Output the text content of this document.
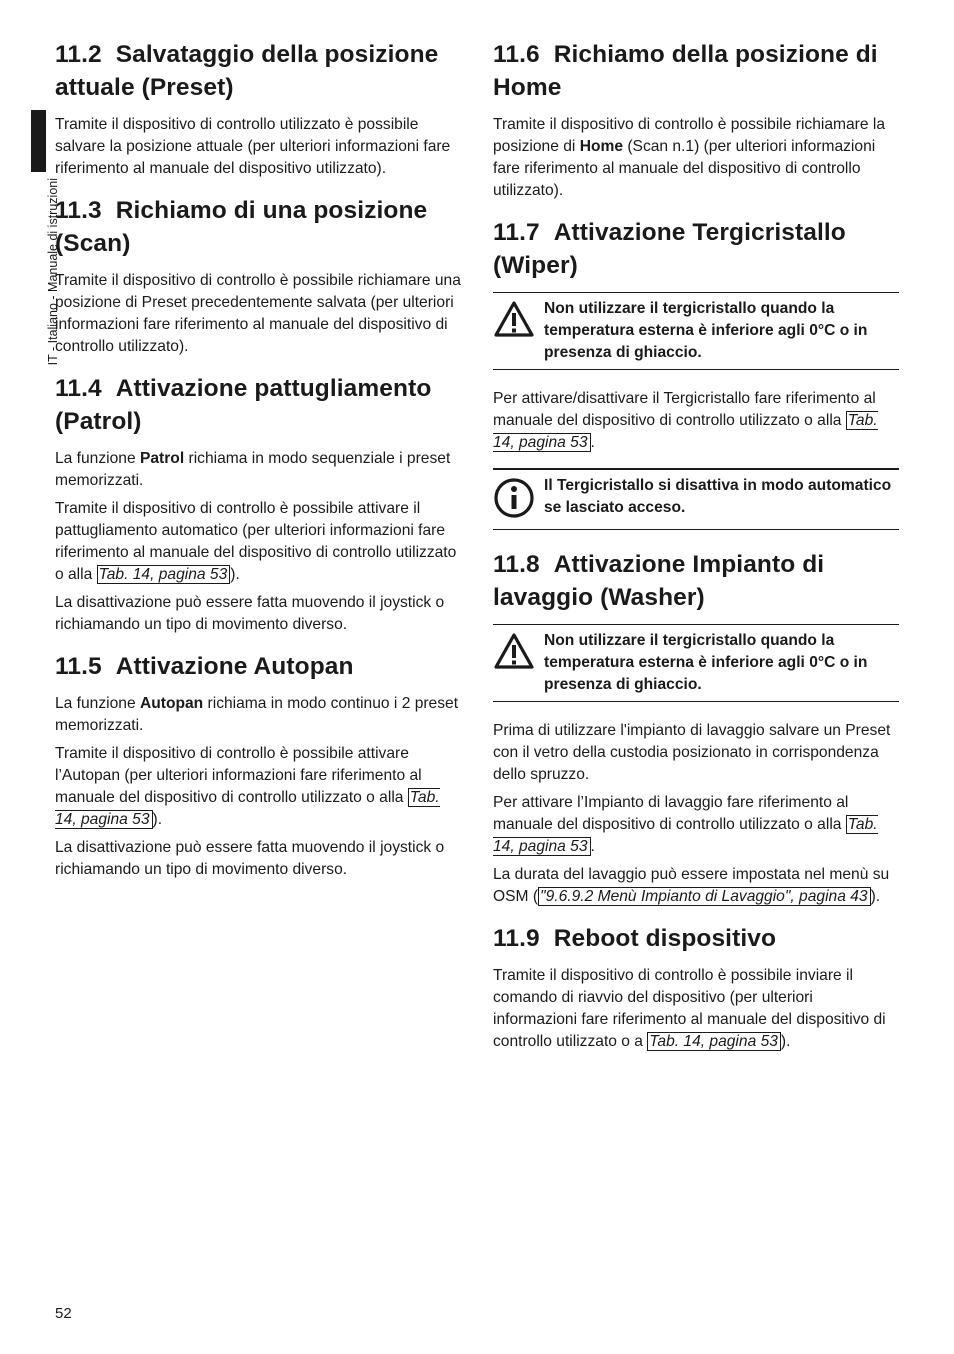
IT - Italiano - Manuale di istruzioni
11.2 Salvataggio della posizione attuale (Preset)

Tramite il dispositivo di controllo utilizzato è possibile salvare la posizione attuale (per ulteriori informazioni fare riferimento al manuale del dispositivo utilizzato).

11.3 Richiamo di una posizione (Scan)

Tramite il dispositivo di controllo è possibile richiamare una posizione di Preset precedentemente salvata (per ulteriori informazioni fare riferimento al manuale del dispositivo di controllo utilizzato).

11.4 Attivazione pattugliamento (Patrol)

La funzione Patrol richiama in modo sequenziale i preset memorizzati.

Tramite il dispositivo di controllo è possibile attivare il pattugliamento automatico (per ulteriori informazioni fare riferimento al manuale del dispositivo di controllo utilizzato o alla Tab. 14, pagina 53 ).

La disattivazione può essere fatta muovendo il joystick o richiamando un tipo di movimento diverso.

11.5 Attivazione Autopan

La funzione Autopan richiama in modo continuo i 2 preset memorizzati.

Tramite il dispositivo di controllo è possibile attivare l’Autopan (per ulteriori informazioni fare riferimento al manuale del dispositivo di controllo utilizzato o alla Tab. 14, pagina 53 ).

La disattivazione può essere fatta muovendo il joystick o richiamando un tipo di movimento diverso.

11.6 Richiamo della posizione di Home

Tramite il dispositivo di controllo è possibile richiamare la posizione di Home (Scan n.1) (per ulteriori informazioni fare riferimento al manuale del dispositivo di controllo utilizzato).

11.7 Attivazione Tergicristallo (Wiper)
Non utilizzare il tergicristallo quando la temperatura esterna è inferiore agli 0°C o in presenza di ghiaccio.

Per attivare/disattivare il Tergicristallo fare riferimento al manuale del dispositivo di controllo utilizzato o alla Tab. 14, pagina 53 .

Il Tergicristallo si disattiva in modo automatico se lasciato acceso.
11.8 Attivazione Impianto di lavaggio (Washer)
Non utilizzare il tergicristallo quando la temperatura esterna è inferiore agli 0°C o in presenza di ghiaccio.

Prima di utilizzare l'impianto di lavaggio salvare un Preset con il vetro della custodia posizionato in corrispondenza dello spruzzo.

Per attivare l’Impianto di lavaggio fare riferimento al manuale del dispositivo di controllo utilizzato o alla Tab. 14, pagina 53 .

La durata del lavaggio può essere impostata nel menù su OSM ( "9.6.9.2 Menù Impianto di Lavaggio", pagina 43 ).

11.9 Reboot dispositivo

Tramite il dispositivo di controllo è possibile inviare il comando di riavvio del dispositivo (per ulteriori informazioni fare riferimento al manuale del dispositivo di controllo utilizzato o a Tab. 14, pagina 53 ).

52
